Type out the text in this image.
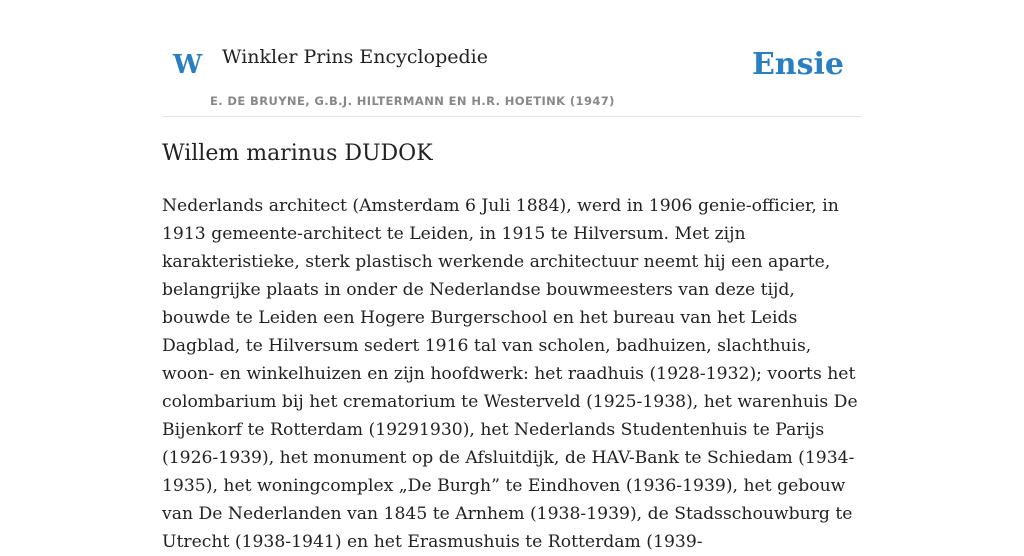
W Winkler Prins Encyclopedie
E. DE BRUYNE, G.B.J. HILTERMANN EN H.R. HOETINK (1947)
Ensie
Willem marinus DUDOK

Nederlands architect (Amsterdam 6 Juli 1884), werd in 1906 genie-officier, in 1913 gemeente-architect te Leiden, in 1915 te Hilversum. Met zijn karakteristieke, sterk plastisch werkende architectuur neemt hij een aparte, belangrijke plaats in onder de Nederlandse bouwmeesters van deze tijd, bouwde te Leiden een Hogere Burgerschool en het bureau van het Leids Dagblad, te Hilversum sedert 1916 tal van scholen, badhuizen, slachthuis, woon- en winkelhuizen en zijn hoofdwerk: het raadhuis (1928-1932); voorts het colombarium bij het crematorium te Westerveld (1925-1938), het warenhuis De Bijenkorf te Rotterdam (19291930), het Nederlands Studentenhuis te Parijs (1926-1939), het monument op de Afsluitdijk, de HAV-Bank te Schiedam (1934-1935), het woningcomplex „De Burgh” te Eindhoven (1936-1939), het gebouw van De Nederlanden van 1845 te Arnhem (1938-1939), de Stadsschouwburg te Utrecht (1938-1941) en het Erasmushuis te Rotterdam (1939-
